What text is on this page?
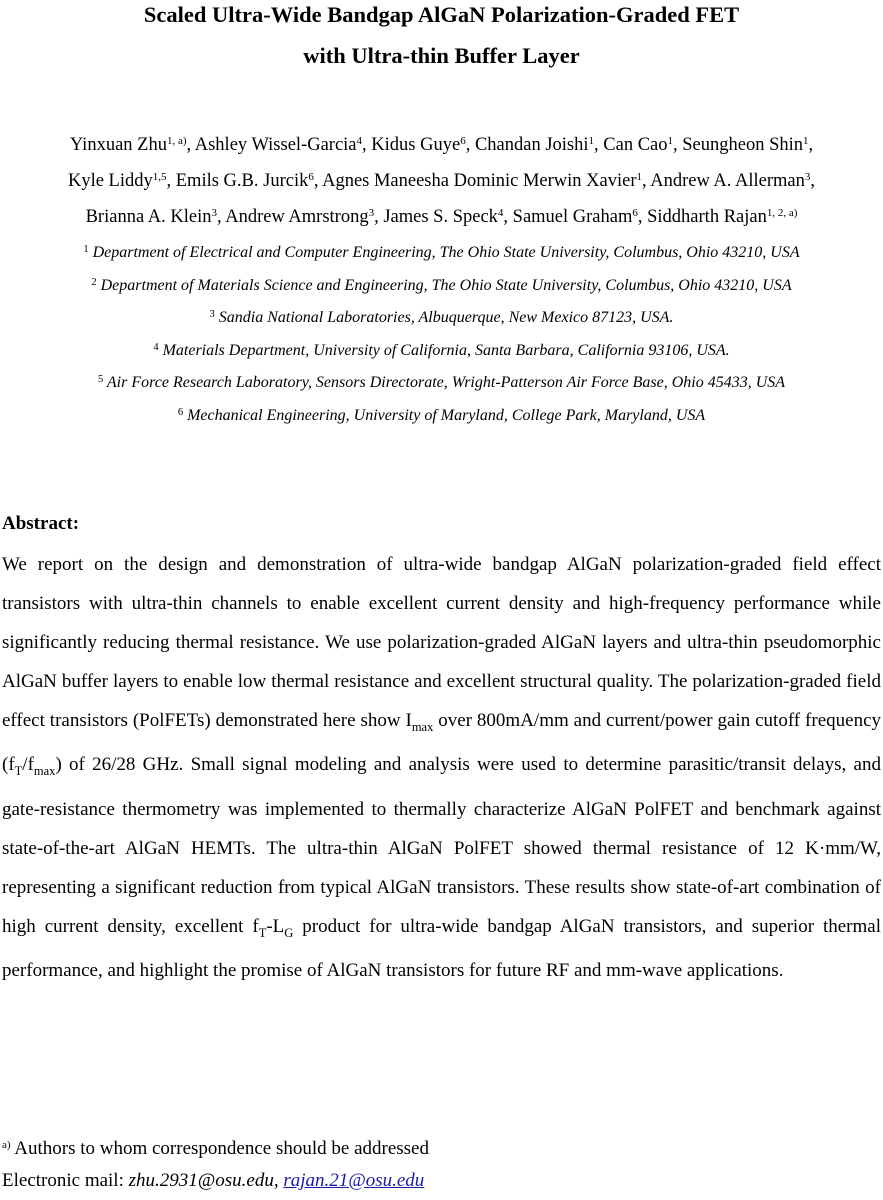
Scaled Ultra-Wide Bandgap AlGaN Polarization-Graded FET
with Ultra-thin Buffer Layer
Yinxuan Zhu$^{1, a)}$, Ashley Wissel-Garcia$^4$, Kidus Guye$^6$, Chandan Joishi$^1$, Can Cao$^1$, Seungheon Shin$^1$,
Kyle Liddy$^{1,5}$, Emils G.B. Jurcik$^6$, Agnes Maneesha Dominic Merwin Xavier$^1$, Andrew A. Allerman$^3$,
Brianna A. Klein$^3$, Andrew Amrstrong$^3$, James S. Speck$^4$, Samuel Graham$^6$, Siddharth Rajan$^{1, 2, a)}$
$^1$ Department of Electrical and Computer Engineering, The Ohio State University, Columbus, Ohio 43210, USA
$^2$ Department of Materials Science and Engineering, The Ohio State University, Columbus, Ohio 43210, USA
$^3$ Sandia National Laboratories, Albuquerque, New Mexico 87123, USA.
$^4$ Materials Department, University of California, Santa Barbara, California 93106, USA.
$^5$ Air Force Research Laboratory, Sensors Directorate, Wright-Patterson Air Force Base, Ohio 45433, USA
$^6$ Mechanical Engineering, University of Maryland, College Park, Maryland, USA
Abstract:
We report on the design and demonstration of ultra-wide bandgap AlGaN polarization-graded field effect transistors with ultra-thin channels to enable excellent current density and high-frequency performance while significantly reducing thermal resistance. We use polarization-graded AlGaN layers and ultra-thin pseudomorphic AlGaN buffer layers to enable low thermal resistance and excellent structural quality. The polarization-graded field effect transistors (PolFETs) demonstrated here show $I_{max}$ over 800mA/mm and current/power gain cutoff frequency $(f_T/f_{max})$ of 26/28 GHz. Small signal modeling and analysis were used to determine parasitic/transit delays, and gate-resistance thermometry was implemented to thermally characterize AlGaN PolFET and benchmark against state-of-the-art AlGaN HEMTs. The ultra-thin AlGaN PolFET showed thermal resistance of 12 K·mm/W, representing a significant reduction from typical AlGaN transistors. These results show state-of-art combination of high current density, excellent $f_T-L_G$ product for ultra-wide bandgap AlGaN transistors, and superior thermal performance, and highlight the promise of AlGaN transistors for future RF and mm-wave applications.
$^{a)}$ Authors to whom correspondence should be addressed
Electronic mail: zhu.2931@osu.edu, rajan.21@osu.edu
